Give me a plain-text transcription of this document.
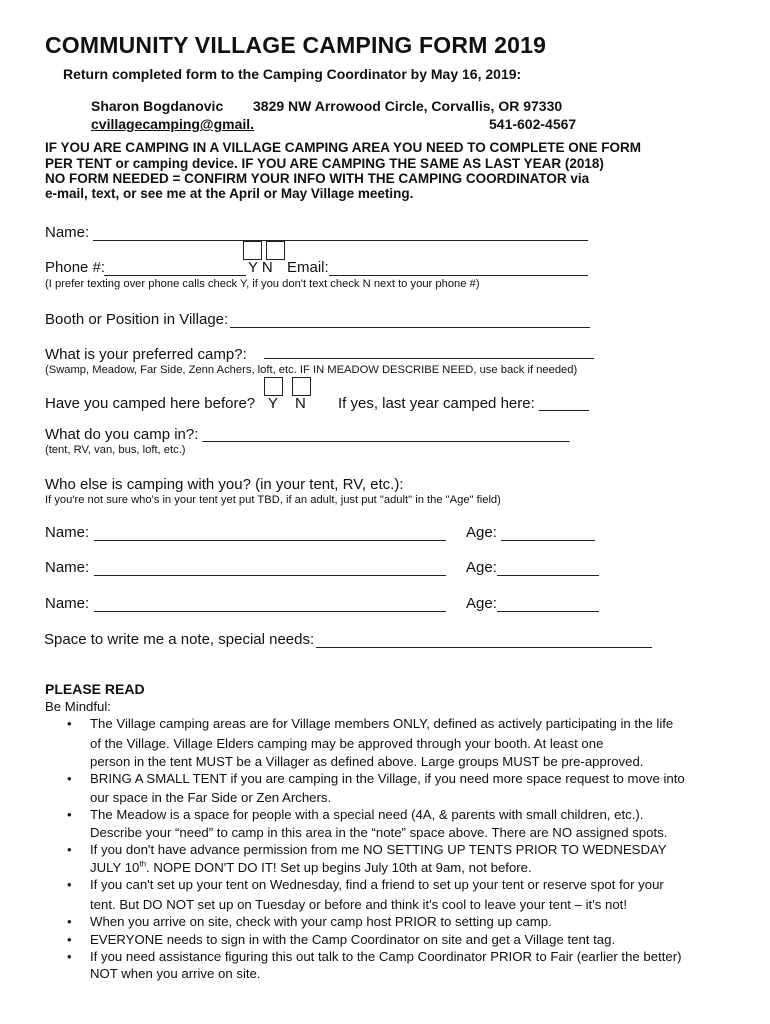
COMMUNITY VILLAGE CAMPING FORM 2019
Return completed form to the Camping Coordinator by May 16, 2019:
Sharon Bogdanovic 3829 NW Arrowood Circle, Corvallis, OR 97330
cvillagecamping@gmail.	541-602-4567
IF YOU ARE CAMPING IN A VILLAGE CAMPING AREA YOU NEED TO COMPLETE ONE FORM
PER TENT or camping device. IF YOU ARE CAMPING THE SAME AS LAST YEAR (2018)
NO FORM NEEDED = CONFIRM YOUR INFO WITH THE CAMPING COORDINATOR via
e-mail, text, or see me at the April or May Village meeting.
Name:
Phone #:	Y N Email:
(I prefer texting over phone calls check Y, if you don't text check N next to your phone #)
Booth or Position in Village:
What is your preferred camp?:
(Swamp, Meadow, Far Side, Zenn Achers, loft, etc. IF IN MEADOW DESCRIBE NEED, use back if needed)
Have you camped here before? Y N If yes, last year camped here: ______
What do you camp in?: ____________________________________________
(tent, RV, van, bus, loft, etc.)
Who else is camping with you? (in your tent, RV, etc.):
If you're not sure who's in your tent yet put TBD, if an adult, just put "adult" in the "Age" field)
Name:	Age:
Name:	Age:
Name:	Age:
Space to write me a note, special needs:
PLEASE READ
Be Mindful:
• The Village camping areas are for Village members ONLY, defined as actively participating in the life
of the Village. Village Elders camping may be approved through your booth. At least one
person in the tent MUST be a Villager as defined above. Large groups MUST be pre-approved.
• BRING A SMALL TENT if you are camping in the Village, if you need more space request to move into
our space in the Far Side or Zen Archers.
• The Meadow is a space for people with a special need (4A, & parents with small children, etc.).
Describe your “need” to camp in this area in the “note” space above. There are NO assigned spots.
• If you don't have advance permission from me NO SETTING UP TENTS PRIOR TO WEDNESDAY
JULY 10th. NOPE DON'T DO IT! Set up begins July 10th at 9am, not before.
• If you can't set up your tent on Wednesday, find a friend to set up your tent or reserve spot for your
tent. But DO NOT set up on Tuesday or before and think it's cool to leave your tent – it's not!
• When you arrive on site, check with your camp host PRIOR to setting up camp.
• EVERYONE needs to sign in with the Camp Coordinator on site and get a Village tent tag.
• If you need assistance figuring this out talk to the Camp Coordinator PRIOR to Fair (earlier the better)
NOT when you arrive on site.
